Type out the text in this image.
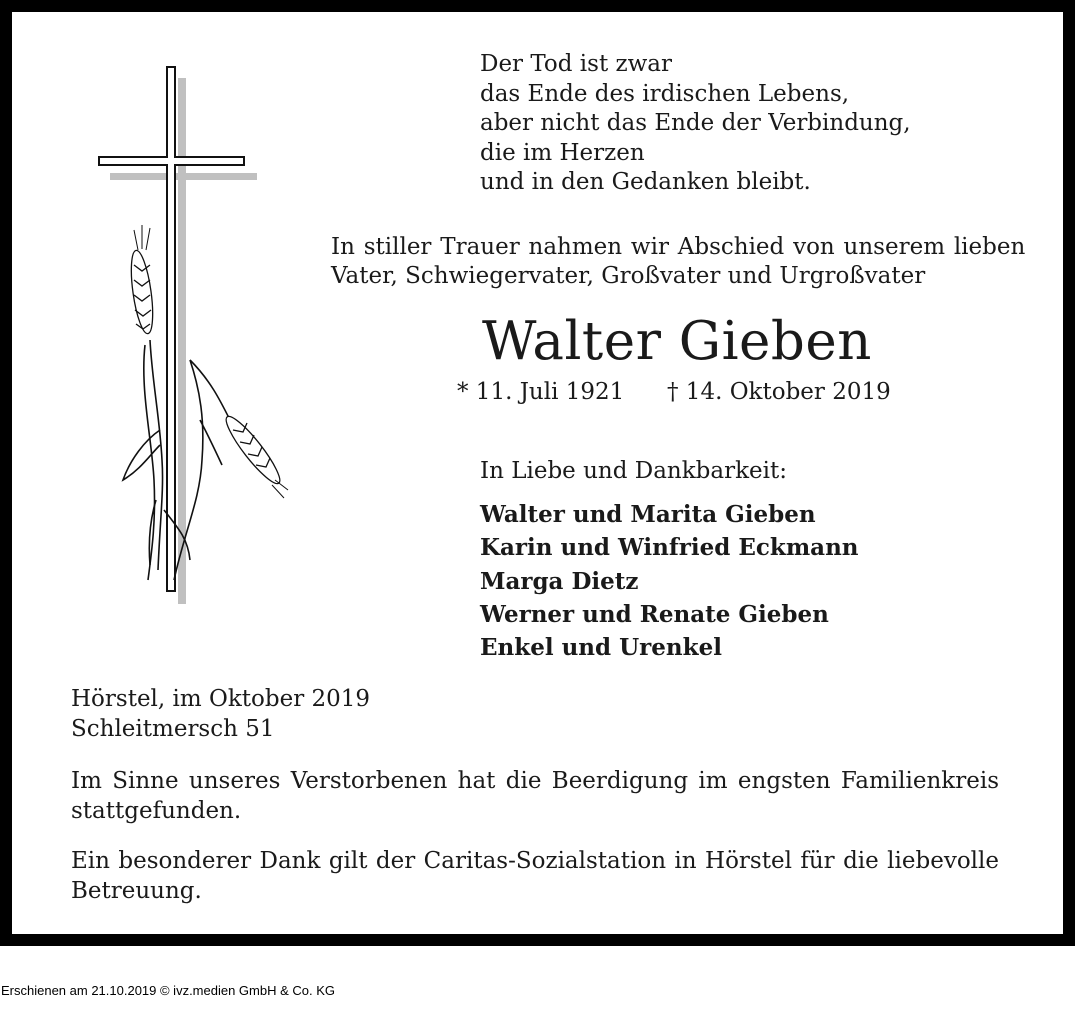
Der Tod ist zwar
das Ende des irdischen Lebens,
aber nicht das Ende der Verbindung,
die im Herzen
und in den Gedanken bleibt.
In stiller Trauer nahmen wir Abschied von unserem lieben
Vater, Schwiegervater, Großvater und Urgroßvater
Walter Gieben
* 11. Juli 1921 † 14. Oktober 2019
In Liebe und Dankbarkeit:
Walter und Marita Gieben
Karin und Winfried Eckmann
Marga Dietz
Werner und Renate Gieben
Enkel und Urenkel
Hörstel, im Oktober 2019
Schleitmersch 51
Im Sinne unseres Verstorbenen hat die Beerdigung im engsten Familienkreis stattgefunden.
Ein besonderer Dank gilt der Caritas-Sozialstation in Hörstel für die liebevolle Betreuung.
Erschienen am 21.10.2019 © ivz.medien GmbH & Co. KG
